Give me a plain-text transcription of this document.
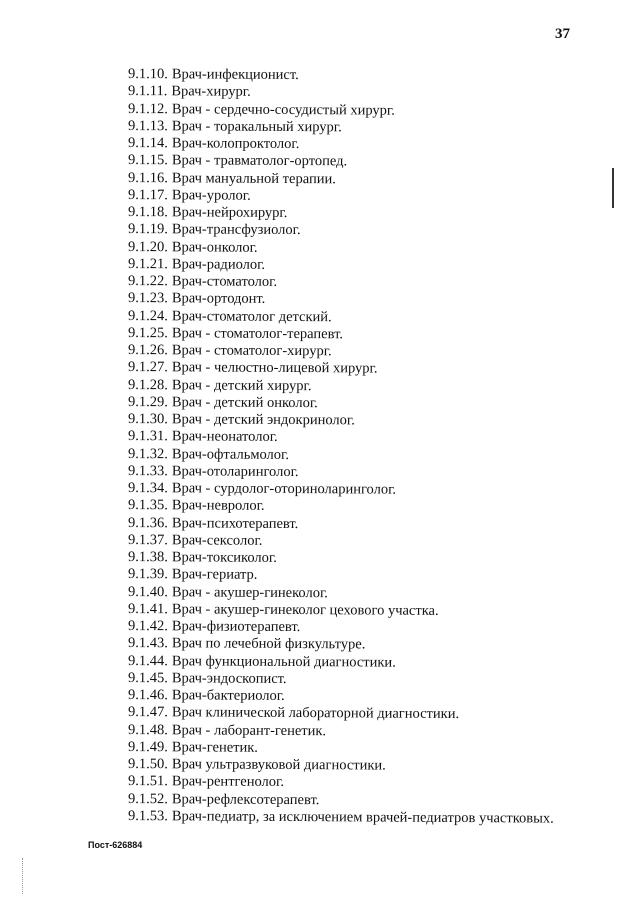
37
9.1.10. Врач-инфекционист.
9.1.11. Врач-хирург.
9.1.12. Врач - сердечно-сосудистый хирург.
9.1.13. Врач - торакальный хирург.
9.1.14. Врач-колопроктолог.
9.1.15. Врач - травматолог-ортопед.
9.1.16. Врач мануальной терапии.
9.1.17. Врач-уролог.
9.1.18. Врач-нейрохирург.
9.1.19. Врач-трансфузиолог.
9.1.20. Врач-онколог.
9.1.21. Врач-радиолог.
9.1.22. Врач-стоматолог.
9.1.23. Врач-ортодонт.
9.1.24. Врач-стоматолог детский.
9.1.25. Врач - стоматолог-терапевт.
9.1.26. Врач - стоматолог-хирург.
9.1.27. Врач - челюстно-лицевой хирург.
9.1.28. Врач - детский хирург.
9.1.29. Врач - детский онколог.
9.1.30. Врач - детский эндокринолог.
9.1.31. Врач-неонатолог.
9.1.32. Врач-офтальмолог.
9.1.33. Врач-отоларинголог.
9.1.34. Врач - сурдолог-оториноларинголог.
9.1.35. Врач-невролог.
9.1.36. Врач-психотерапевт.
9.1.37. Врач-сексолог.
9.1.38. Врач-токсиколог.
9.1.39. Врач-гериатр.
9.1.40. Врач - акушер-гинеколог.
9.1.41. Врач - акушер-гинеколог цехового участка.
9.1.42. Врач-физиотерапевт.
9.1.43. Врач по лечебной физкультуре.
9.1.44. Врач функциональной диагностики.
9.1.45. Врач-эндоскопист.
9.1.46. Врач-бактериолог.
9.1.47. Врач клинической лабораторной диагностики.
9.1.48. Врач - лаборант-генетик.
9.1.49. Врач-генетик.
9.1.50. Врач ультразвуковой диагностики.
9.1.51. Врач-рентгенолог.
9.1.52. Врач-рефлексотерапевт.
9.1.53. Врач-педиатр, за исключением врачей-педиатров участковых.
Пост-626884
